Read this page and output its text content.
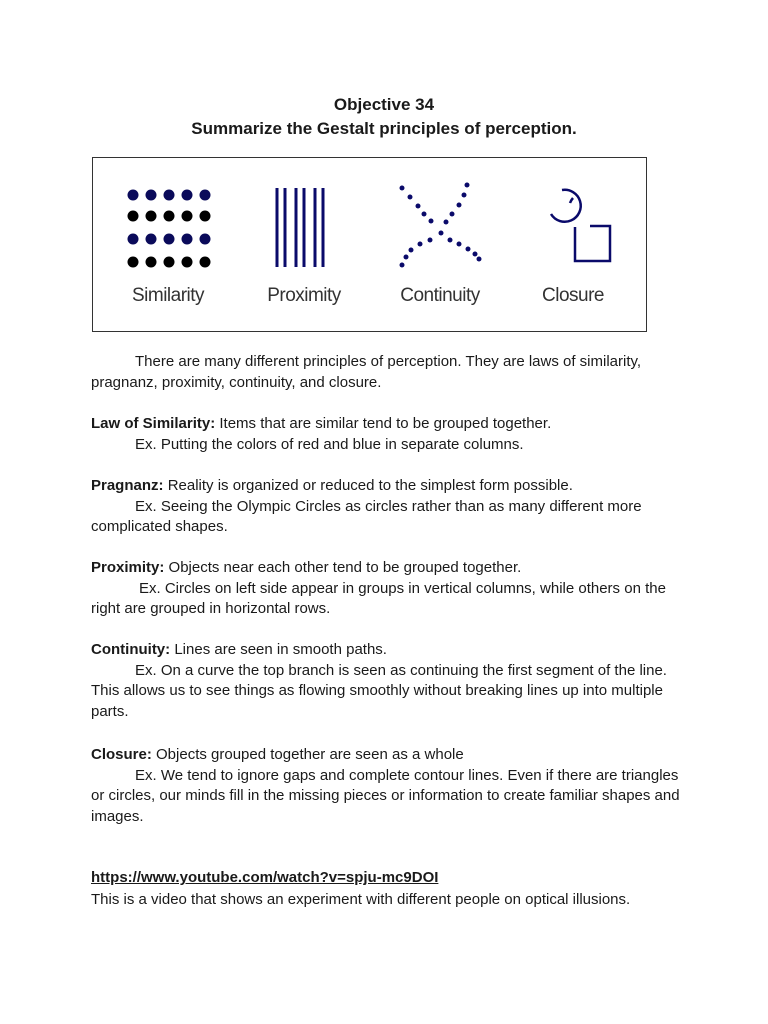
Objective 34
Summarize the Gestalt principles of perception.
Similarity	Proximity	Continuity	Closure

There are many different principles of perception. They are laws of similarity, pragnanz, proximity, continuity, and closure.

Law of Similarity: Items that are similar tend to be grouped together.
Ex. Putting the colors of red and blue in separate columns.

Pragnanz: Reality is organized or reduced to the simplest form possible.
Ex. Seeing the Olympic Circles as circles rather than as many different more complicated shapes.

Proximity: Objects near each other tend to be grouped together.
Ex. Circles on left side appear in groups in vertical columns, while others on the right are grouped in horizontal rows.

Continuity: Lines are seen in smooth paths.
Ex. On a curve the top branch is seen as continuing the first segment of the line. This allows us to see things as flowing smoothly without breaking lines up into multiple parts.

Closure: Objects grouped together are seen as a whole
Ex. We tend to ignore gaps and complete contour lines. Even if there are triangles or circles, our minds fill in the missing pieces or information to create familiar shapes and images.

https://www.youtube.com/watch?v=spju-mc9DOI

This is a video that shows an experiment with different people on optical illusions.
